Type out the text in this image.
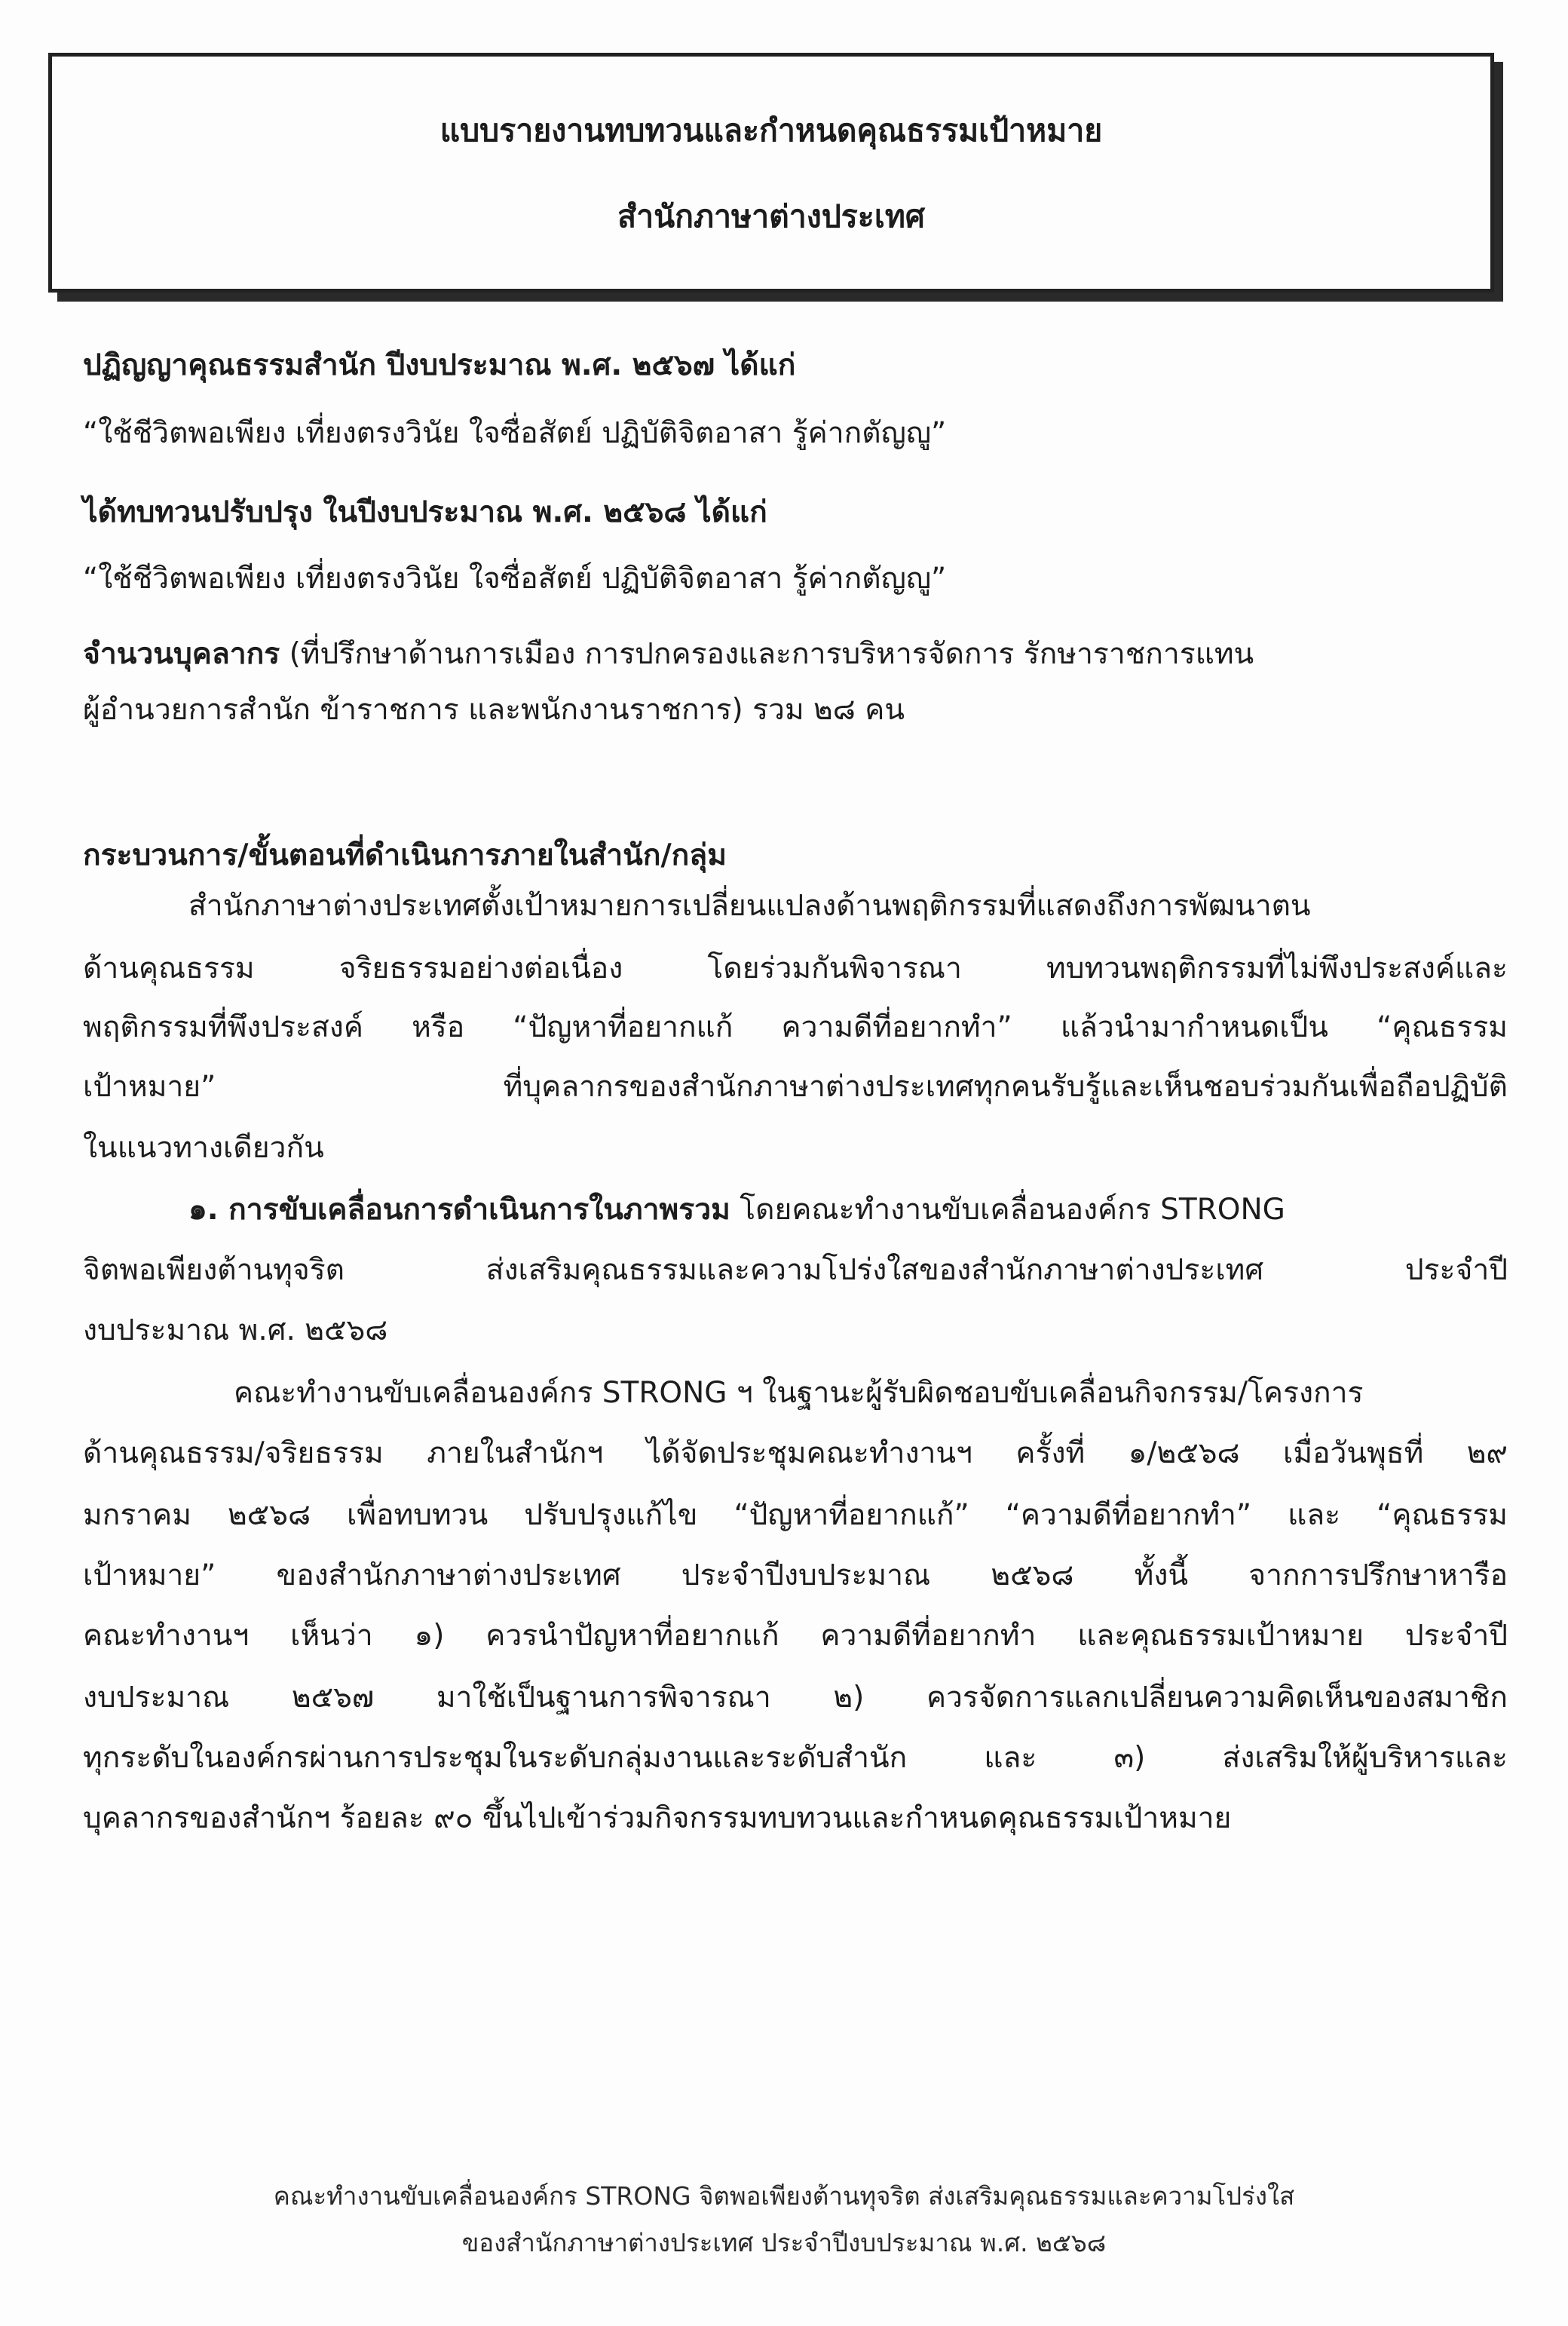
แบบรายงานทบทวนและกำหนดคุณธรรมเป้าหมาย
สำนักภาษาต่างประเทศ
ปฏิญญาคุณธรรมสำนัก ปีงบประมาณ พ.ศ. ๒๕๖๗ ได้แก่
“ใช้ชีวิตพอเพียง เที่ยงตรงวินัย ใจซื่อสัตย์ ปฏิบัติจิตอาสา รู้ค่ากตัญญู”
ได้ทบทวนปรับปรุง ในปีงบประมาณ พ.ศ. ๒๕๖๘ ได้แก่
“ใช้ชีวิตพอเพียง เที่ยงตรงวินัย ใจซื่อสัตย์ ปฏิบัติจิตอาสา รู้ค่ากตัญญู”
จำนวนบุคลากร (ที่ปรึกษาด้านการเมือง การปกครองและการบริหารจัดการ รักษาราชการแทน
ผู้อำนวยการสำนัก ข้าราชการ และพนักงานราชการ) รวม ๒๘ คน
กระบวนการ/ขั้นตอนที่ดำเนินการภายในสำนัก/กลุ่ม
สำนักภาษาต่างประเทศตั้งเป้าหมายการเปลี่ยนแปลงด้านพฤติกรรมที่แสดงถึงการพัฒนาตน
ด้านคุณธรรม จริยธรรมอย่างต่อเนื่อง โดยร่วมกันพิจารณา ทบทวนพฤติกรรมที่ไม่พึงประสงค์และ
พฤติกรรมที่พึงประสงค์ หรือ “ปัญหาที่อยากแก้ ความดีที่อยากทำ” แล้วนำมากำหนดเป็น “คุณธรรม
เป้าหมาย” ที่บุคลากรของสำนักภาษาต่างประเทศทุกคนรับรู้และเห็นชอบร่วมกันเพื่อถือปฏิบัติ
ในแนวทางเดียวกัน
๑. การขับเคลื่อนการดำเนินการในภาพรวม โดยคณะทำงานขับเคลื่อนองค์กร STRONG
จิตพอเพียงต้านทุจริต ส่งเสริมคุณธรรมและความโปร่งใสของสำนักภาษาต่างประเทศ ประจำปี
งบประมาณ พ.ศ. ๒๕๖๘
คณะทำงานขับเคลื่อนองค์กร STRONG ฯ ในฐานะผู้รับผิดชอบขับเคลื่อนกิจกรรม/โครงการ
ด้านคุณธรรม/จริยธรรม ภายในสำนักฯ ได้จัดประชุมคณะทำงานฯ ครั้งที่ ๑/๒๕๖๘ เมื่อวันพุธที่ ๒๙
มกราคม ๒๕๖๘ เพื่อทบทวน ปรับปรุงแก้ไข “ปัญหาที่อยากแก้” “ความดีที่อยากทำ” และ “คุณธรรม
เป้าหมาย” ของสำนักภาษาต่างประเทศ ประจำปีงบประมาณ ๒๕๖๘ ทั้งนี้ จากการปรึกษาหารือ
คณะทำงานฯ เห็นว่า ๑) ควรนำปัญหาที่อยากแก้ ความดีที่อยากทำ และคุณธรรมเป้าหมาย ประจำปี
งบประมาณ ๒๕๖๗ มาใช้เป็นฐานการพิจารณา ๒) ควรจัดการแลกเปลี่ยนความคิดเห็นของสมาชิก
ทุกระดับในองค์กรผ่านการประชุมในระดับกลุ่มงานและระดับสำนัก และ ๓) ส่งเสริมให้ผู้บริหารและ
บุคลากรของสำนักฯ ร้อยละ ๙๐ ขึ้นไปเข้าร่วมกิจกรรมทบทวนและกำหนดคุณธรรมเป้าหมาย
คณะทำงานขับเคลื่อนองค์กร STRONG จิตพอเพียงต้านทุจริต ส่งเสริมคุณธรรมและความโปร่งใส
ของสำนักภาษาต่างประเทศ ประจำปีงบประมาณ พ.ศ. ๒๕๖๘
